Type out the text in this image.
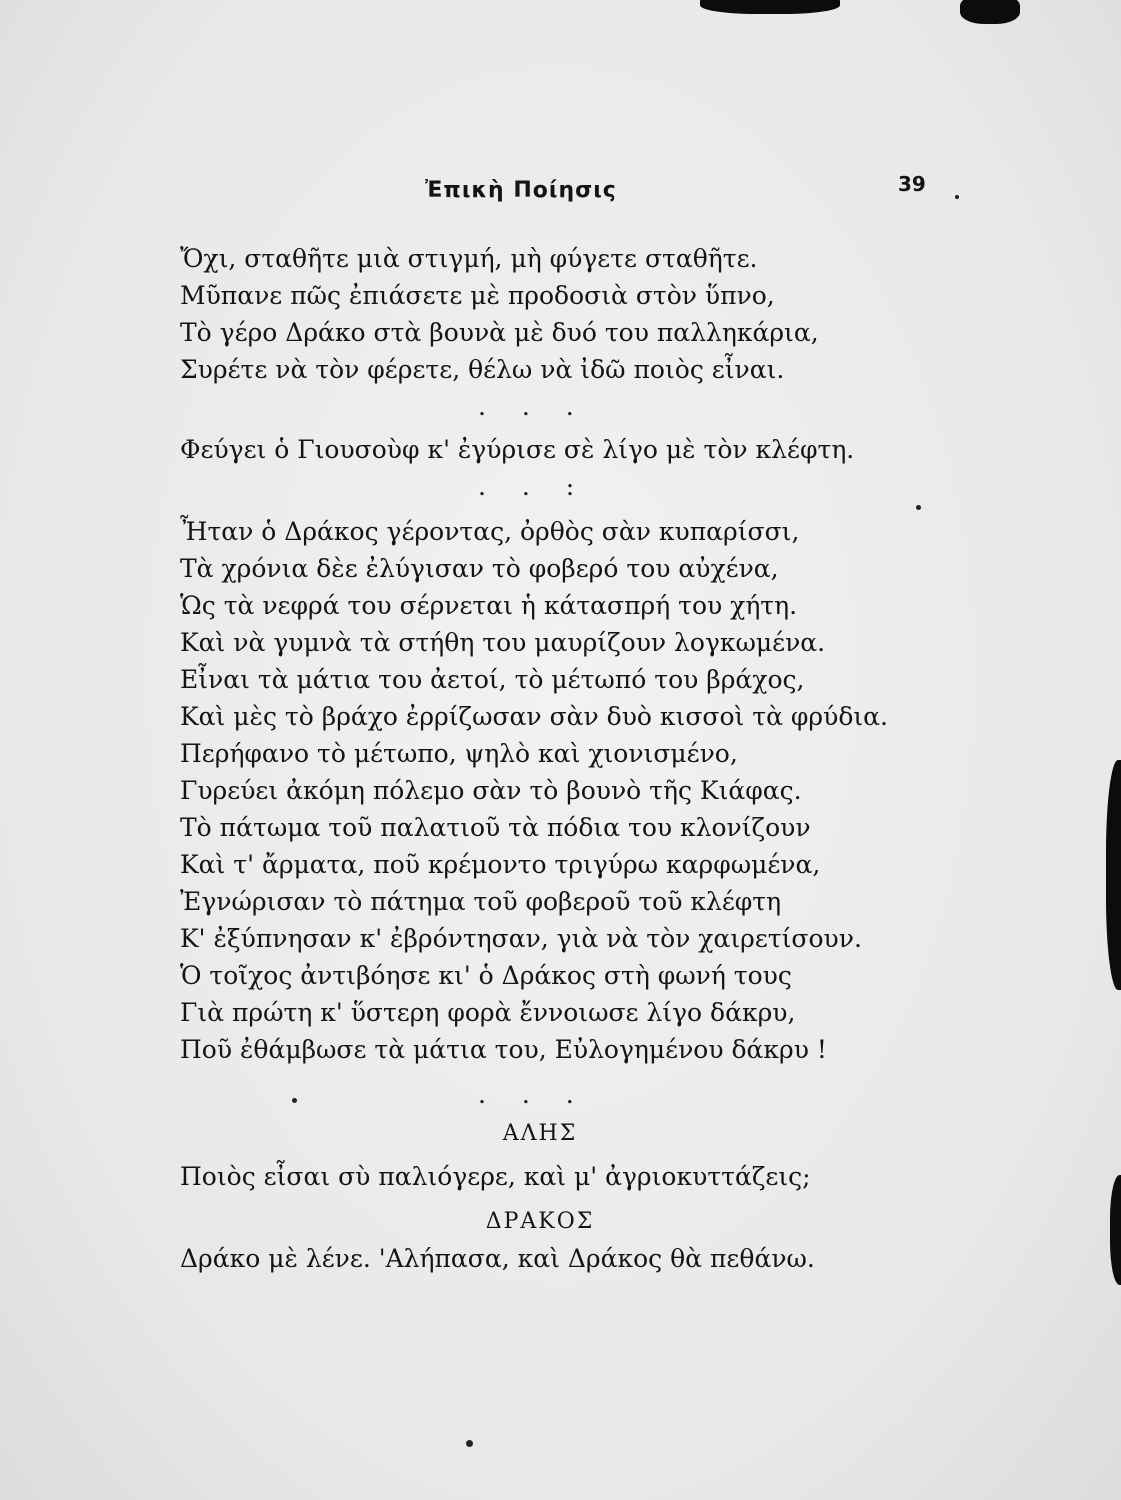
Ἐπικὴ Ποίησις	39
Ὄχι, σταθῆτε μιὰ στιγμή, μὴ φύγετε σταθῆτε.
Μῦπανε πῶς ἐπιάσετε μὲ προδοσιὰ στὸν ὕπνο,
Τὸ γέρο Δράκο στὰ βουνὰ μὲ δυό του παλληκάρια,
Συρέτε νὰ τὸν φέρετε, θέλω νὰ ἰδῶ ποιὸς εἶναι.
. . .
Φεύγει ὁ Γιουσοὺφ κ' ἐγύρισε σὲ λίγο μὲ τὸν κλέφτη.
. . :
Ἦταν ὁ Δράκος γέροντας, ὀρθὸς σὰν κυπαρίσσι,
Τὰ χρόνια δὲε ἐλύγισαν τὸ φοβερό του αὐχένα,
Ὡς τὰ νεφρά του σέρνεται ἡ κάτασπρή του χήτη.
Καὶ νὰ γυμνὰ τὰ στήθη του μαυρίζουν λογκωμένα.
Εἶναι τὰ μάτια του ἀετοί, τὸ μέτωπό του βράχος,
Καὶ μὲς τὸ βράχο ἐρρίζωσαν σὰν δυὸ κισσοὶ τὰ φρύδια.
Περήφανο τὸ μέτωπο, ψηλὸ καὶ χιονισμένο,
Γυρεύει ἀκόμη πόλεμο σὰν τὸ βουνὸ τῆς Κιάφας.
Τὸ πάτωμα τοῦ παλατιοῦ τὰ πόδια του κλονίζουν
Καὶ τ' ἄρματα, ποῦ κρέμοντο τριγύρω καρφωμένα,
Ἐγνώρισαν τὸ πάτημα τοῦ φοβεροῦ τοῦ κλέφτη
Κ' ἐξύπνησαν κ' ἐβρόντησαν, γιὰ νὰ τὸν χαιρετίσουν.
Ὁ τοῖχος ἀντιβόησε κι' ὁ Δράκος στὴ φωνή τους
Γιὰ πρώτη κ' ὕστερη φορὰ ἔννοιωσε λίγο δάκρυ,
Ποῦ ἐθάμβωσε τὰ μάτια του, Εὐλογημένου δάκρυ !
. . .
ΑΛΗΣ
Ποιὸς εἶσαι σὺ παλιόγερε, καὶ μ' ἀγριοκυττάζεις;
ΔΡΑΚΟΣ
Δράκο μὲ λένε. 'Αλήπασα, καὶ Δράκος θὰ πεθάνω.
